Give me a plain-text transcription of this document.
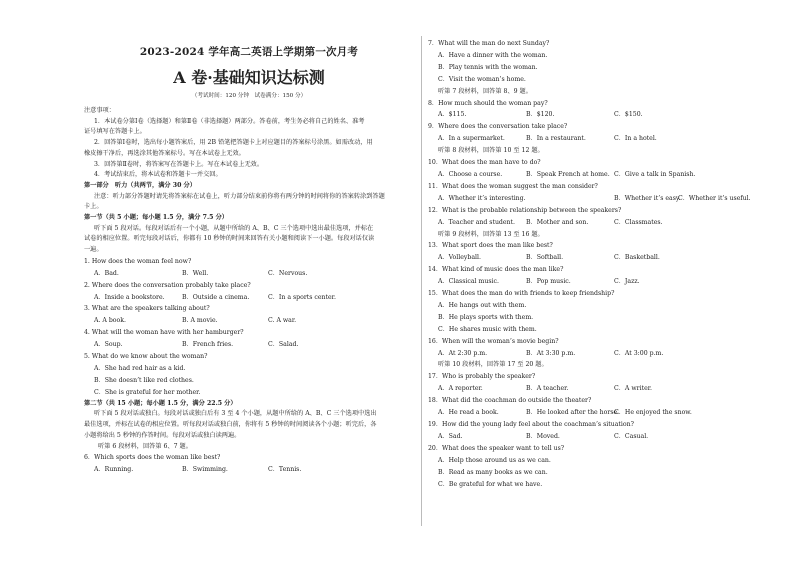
2023-2024 学年高二英语上学期第一次月考
A 卷·基础知识达标测
（考试时间：120 分钟　试卷满分：150 分）

注意事项：

1．本试卷分第Ⅰ卷（选择题）和第Ⅱ卷（非选择题）两部分。答卷前，考生务必将自己的姓名、准考

证号填写在答题卡上。

2．回答第Ⅰ卷时，选出每小题答案后，用 2B 铅笔把答题卡上对应题目的答案标号涂黑。如需改动，用

橡皮擦干净后，再选涂其他答案标号。写在本试卷上无效。

3．回答第Ⅱ卷时，将答案写在答题卡上。写在本试卷上无效。

4．考试结束后，将本试卷和答题卡一并交回。

第一部分　听力（共两节，满分 30 分）

注意：听力部分答题时请先将答案标在试卷上，听力部分结束前你将有两分钟的时间将你的答案转涂到答题

卡上。

第一节（共 5 小题；每小题 1.5 分，满分 7.5 分）

听下面 5 段对话。每段对话后有一个小题，从题中所给的 A、B、C 三个选项中选出最佳选项，并标在

试卷的相应位置。听完每段对话后，你都有 10 秒钟的时间来回答有关小题和阅读下一小题。每段对话仅读

一遍。

1. How does the woman feel now?

A．Bad.	B．Well.	C．Nervous.

2. Where does the conversation probably take place?

A．Inside a bookstore.	B．Outside a cinema.	C．In a sports center.

3. What are the speakers talking about?

A. A book.	B. A movie.	C. A war.

4. What will the woman have with her hamburger?

A．Soup.	B．French fries.	C．Salad.

5. What do we know about the woman?

A．She had red hair as a kid.

B．She doesn’t like red clothes.

C．She is grateful for her mother.

第二节（共 15 小题；每小题 1.5 分，满分 22.5 分）

听下面 5 段对话或独白。每段对话或独白后有 3 至 4 个小题，从题中所给的 A、B、C 三个选项中选出

最佳选项，并标在试卷的相应位置。听每段对话或独白前，你将有 5 秒钟的时间阅读各个小题；听完后，各

小题将给出 5 秒钟的作答时间。每段对话或独白读两遍。

听第 6 段材料，回答第 6、7 题。

6．Which sports does the woman like best?

A．Running.	B．Swimming.	C．Tennis.

7．What will the man do next Sunday?

A．Have a dinner with the woman.

B．Play tennis with the woman.

C．Visit the woman’s home.

听第 7 段材料，回答第 8、9 题。

8．How much should the woman pay?

A．$115.	B．$120.	C．$150.

9．Where does the conversation take place?

A．In a supermarket.	B．In a restaurant.	C．In a hotel.

听第 8 段材料，回答第 10 至 12 题。

10．What does the man have to do?

A．Choose a course.	B．Speak French at home. C．Give a talk in Spanish.

11．What does the woman suggest the man consider?

A．Whether it’s interesting.	B．Whether it’s easy.
C．Whether it’s useful.

12．What is the probable relationship between the speakers?

A．Teacher and student.	B．Mother and son.	C．Classmates.

听第 9 段材料，回答第 13 至 16 题。

13．What sport does the man like best?

A．Volleyball.	B．Softball.	C．Basketball.

14．What kind of music does the man like?

A．Classical music.	B．Pop music.	C．Jazz.

15．What does the man do with friends to keep friendship?

A．He hangs out with them.

B．He plays sports with them.

C．He shares music with them.

16．When will the woman’s movie begin?

A．At 2:30 p.m.	B．At 3:30 p.m.	C．At 3:00 p.m.

听第 10 段材料，回答第 17 至 20 题。

17．Who is probably the speaker?

A．A reporter.	B．A teacher.	C．A writer.

18．What did the coachman do outside the theater?

A．He read a book.	B．He looked after the horse.
C．He enjoyed the snow.

19．How did the young lady feel about the coachman’s situation?

A．Sad.	B．Moved.	C．Casual.

20．What does the speaker want to tell us?

A．Help those around us as we can.

B．Read as many books as we can.

C．Be grateful for what we have.
